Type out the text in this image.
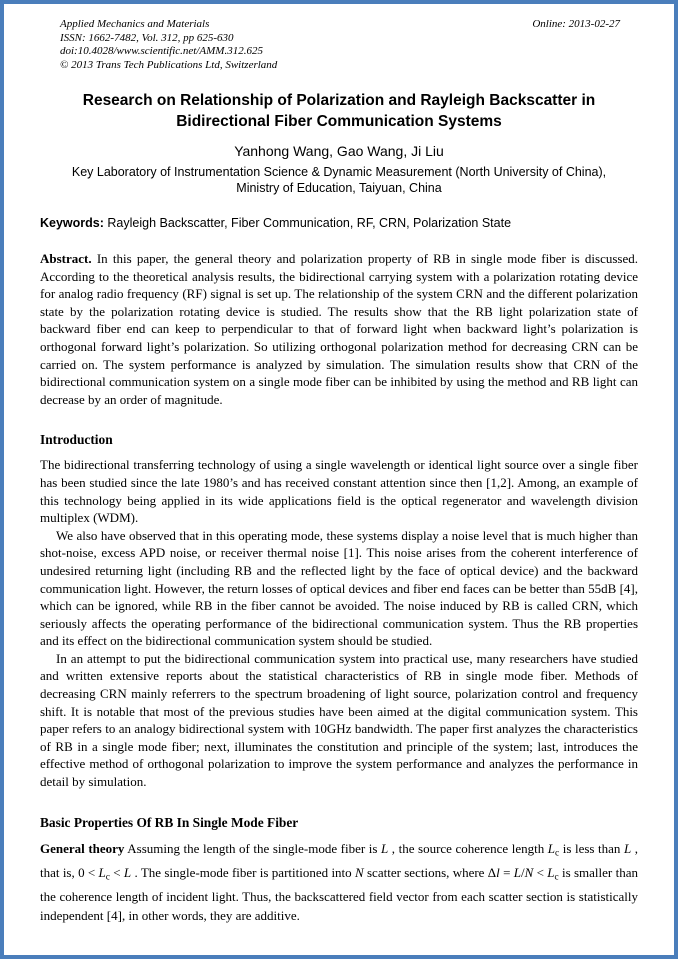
Applied Mechanics and Materials	Online: 2013-02-27
ISSN: 1662-7482, Vol. 312, pp 625-630
doi:10.4028/www.scientific.net/AMM.312.625
© 2013 Trans Tech Publications Ltd, Switzerland
Research on Relationship of Polarization and Rayleigh Backscatter in Bidirectional Fiber Communication Systems
Yanhong Wang, Gao Wang, Ji Liu
Key Laboratory of Instrumentation Science & Dynamic Measurement (North University of China),
Ministry of Education, Taiyuan, China

Keywords: Rayleigh Backscatter, Fiber Communication, RF, CRN, Polarization State

Abstract. In this paper, the general theory and polarization property of RB in single mode fiber is discussed. According to the theoretical analysis results, the bidirectional carrying system with a polarization rotating device for analog radio frequency (RF) signal is set up. The relationship of the system CRN and the different polarization state by the polarization rotating device is studied. The results show that the RB light polarization state of backward fiber end can keep to perpendicular to that of forward light when backward light’s polarization is orthogonal forward light’s polarization. So utilizing orthogonal polarization method for decreasing CRN can be carried on. The system performance is analyzed by simulation. The simulation results show that CRN of the bidirectional communication system on a single mode fiber can be inhibited by using the method and RB light can decrease by an order of magnitude.

Introduction

The bidirectional transferring technology of using a single wavelength or identical light source over a single fiber has been studied since the late 1980’s and has received constant attention since then [1,2]. Among, an example of this technology being applied in its wide applications field is the optical regenerator and wavelength division multiplex (WDM).

We also have observed that in this operating mode, these systems display a noise level that is much higher than shot-noise, excess APD noise, or receiver thermal noise [1]. This noise arises from the coherent interference of undesired returning light (including RB and the reflected light by the face of optical device) and the backward communication light. However, the return losses of optical devices and fiber end faces can be better than 55dB [4], which can be ignored, while RB in the fiber cannot be avoided. The noise induced by RB is called CRN, which seriously affects the operating performance of the bidirectional communication system. Thus the RB properties and its effect on the bidirectional communication system should be studied.

In an attempt to put the bidirectional communication system into practical use, many researchers have studied and written extensive reports about the statistical characteristics of RB in single mode fiber. Methods of decreasing CRN mainly referrers to the spectrum broadening of light source, polarization control and frequency shift. It is notable that most of the previous studies have been aimed at the digital communication system. This paper refers to an analogy bidirectional system with 10GHz bandwidth. The paper first analyzes the characteristics of RB in a single mode fiber; next, illuminates the constitution and principle of the system; last, introduces the effective method of orthogonal polarization to improve the system performance and analyzes the performance in detail by simulation.

Basic Properties Of RB In Single Mode Fiber

General theory Assuming the length of the single-mode fiber is L , the source coherence length Lc is less than L , that is, 0 < Lc < L . The single-mode fiber is partitioned into N scatter sections, where Δl = L/N < Lc is smaller than the coherence length of incident light. Thus, the backscattered field vector from each scatter section is statistically independent [4], in other words, they are additive.
